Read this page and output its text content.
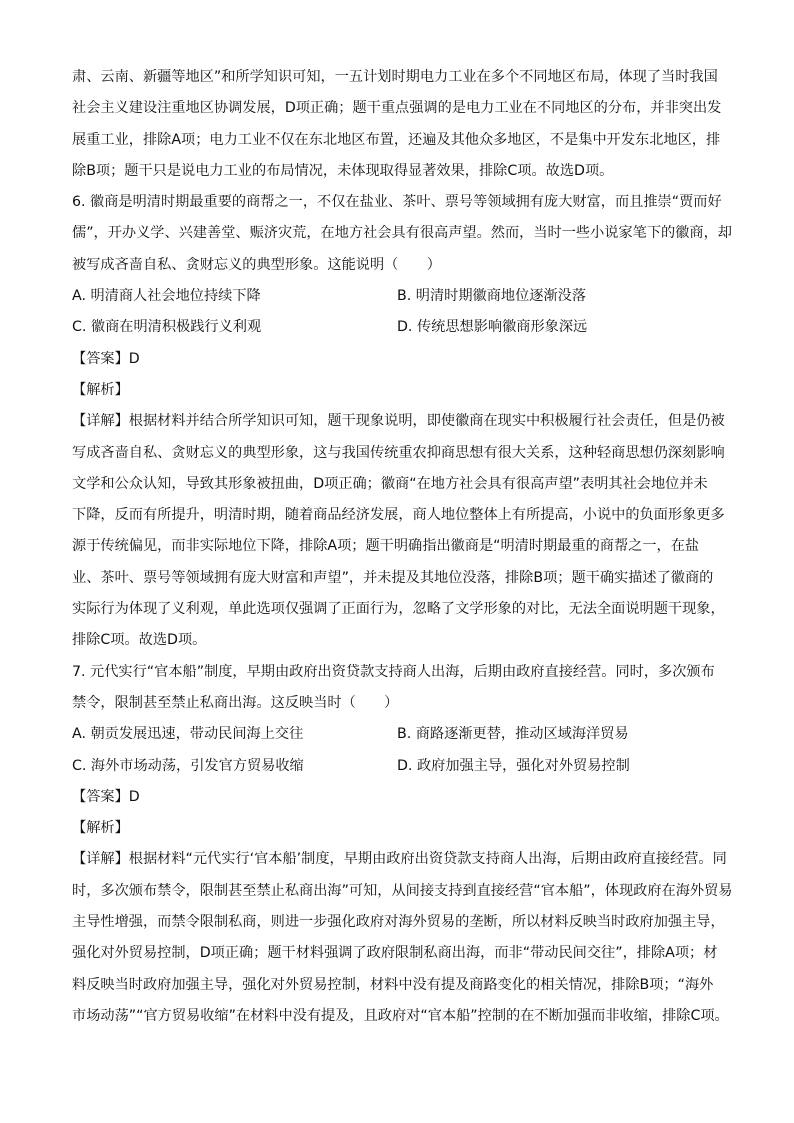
肃、云南、新疆等地区”和所学知识可知，一五计划时期电力工业在多个不同地区布局，体现了当时我国
社会主义建设注重地区协调发展，D项正确；题干重点强调的是电力工业在不同地区的分布，并非突出发
展重工业，排除A项；电力工业不仅在东北地区布置，还遍及其他众多地区，不是集中开发东北地区，排
除B项；题干只是说电力工业的布局情况，未体现取得显著效果，排除C项。故选D项。
6. 徽商是明清时期最重要的商帮之一，不仅在盐业、茶叶、票号等领域拥有庞大财富，而且推崇“贾而好
儒”，开办义学、兴建善堂、赈济灾荒，在地方社会具有很高声望。然而，当时一些小说家笔下的徽商，却
被写成吝啬自私、贪财忘义的典型形象。这能说明（　　）
A. 明清商人社会地位持续下降	B. 明清时期徽商地位逐渐没落
C. 徽商在明清积极践行义利观	D. 传统思想影响徽商形象深远
【答案】D
【解析】
【详解】根据材料并结合所学知识可知，题干现象说明，即使徽商在现实中积极履行社会责任，但是仍被
写成吝啬自私、贪财忘义的典型形象，这与我国传统重农抑商思想有很大关系，这种轻商思想仍深刻影响
文学和公众认知，导致其形象被扭曲，D项正确；徽商“在地方社会具有很高声望”表明其社会地位并未
下降，反而有所提升，明清时期，随着商品经济发展，商人地位整体上有所提高，小说中的负面形象更多
源于传统偏见，而非实际地位下降，排除A项；题干明确指出徽商是“明清时期最重的商帮之一，在盐
业、茶叶、票号等领域拥有庞大财富和声望”，并未提及其地位没落，排除B项；题干确实描述了徽商的
实际行为体现了义利观，单此选项仅强调了正面行为，忽略了文学形象的对比，无法全面说明题干现象，
排除C项。故选D项。
7. 元代实行“官本船”制度，早期由政府出资贷款支持商人出海，后期由政府直接经营。同时，多次颁布
禁令，限制甚至禁止私商出海。这反映当时（　　）
A. 朝贡发展迅速，带动民间海上交往	B. 商路逐渐更替，推动区域海洋贸易
C. 海外市场动荡，引发官方贸易收缩	D. 政府加强主导，强化对外贸易控制
【答案】D
【解析】
【详解】根据材料“元代实行‘官本船’制度，早期由政府出资贷款支持商人出海，后期由政府直接经营。同
时，多次颁布禁令，限制甚至禁止私商出海”可知，从间接支持到直接经营“官本船”，体现政府在海外贸易
主导性增强，而禁令限制私商，则进一步强化政府对海外贸易的垄断，所以材料反映当时政府加强主导，
强化对外贸易控制，D项正确；题干材料强调了政府限制私商出海，而非“带动民间交往”，排除A项；材
料反映当时政府加强主导，强化对外贸易控制，材料中没有提及商路变化的相关情况，排除B项；“海外
市场动荡”“官方贸易收缩”在材料中没有提及，且政府对“官本船”控制的在不断加强而非收缩，排除C项。
